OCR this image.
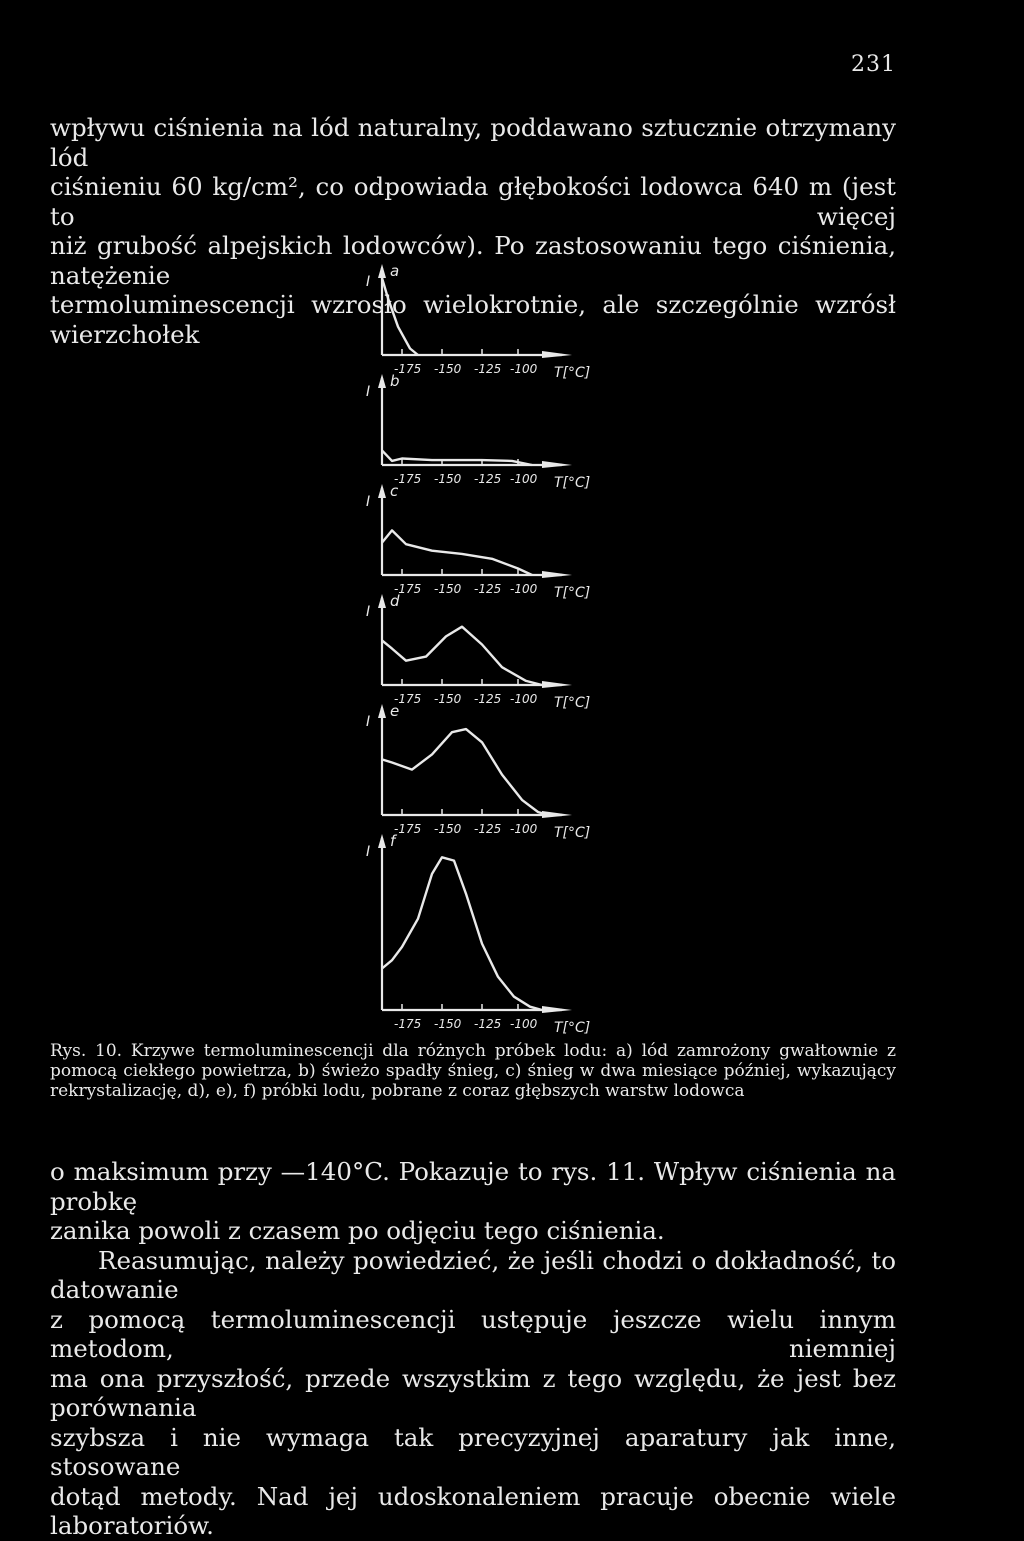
231

wpływu ciśnienia na lód naturalny, poddawano sztucznie otrzymany lód

ciśnieniu 60 kg/cm², co odpowiada głębokości lodowca 640 m (jest to więcej

niż grubość alpejskich lodowców). Po zastosowaniu tego ciśnienia, natężenie

termoluminescencji wzrosło wielokrotnie, ale szczególnie wzrósł wierzchołek

-175 -150 -125 -100 T[°C]
I
a
-175 -150 -125 -100 T[°C]
I
b
-175 -150 -125 -100 T[°C]
I
c
-175 -150 -125 -100 T[°C]
I
d
-175 -150 -125 -100 T[°C]
I
e
-175 -150 -125 -100 T[°C]
I
f

Rys. 10. Krzywe termoluminescencji dla różnych próbek lodu: a) lód zamrożony gwałtownie z pomocą ciekłego powietrza, b) świeżo spadły śnieg, c) śnieg w dwa miesiące później, wykazujący rekrystalizację, d), e), f) próbki lodu, pobrane z coraz głębszych warstw lodowca

o maksimum przy —140°C. Pokazuje to rys. 11. Wpływ ciśnienia na probkę

zanika powoli z czasem po odjęciu tego ciśnienia.

Reasumując, należy powiedzieć, że jeśli chodzi o dokładność, to datowanie

z pomocą termoluminescencji ustępuje jeszcze wielu innym metodom, niemniej

ma ona przyszłość, przede wszystkim z tego względu, że jest bez porównania

szybsza i nie wymaga tak precyzyjnej aparatury jak inne, stosowane

dotąd metody. Nad jej udoskonaleniem pracuje obecnie wiele laboratoriów.
